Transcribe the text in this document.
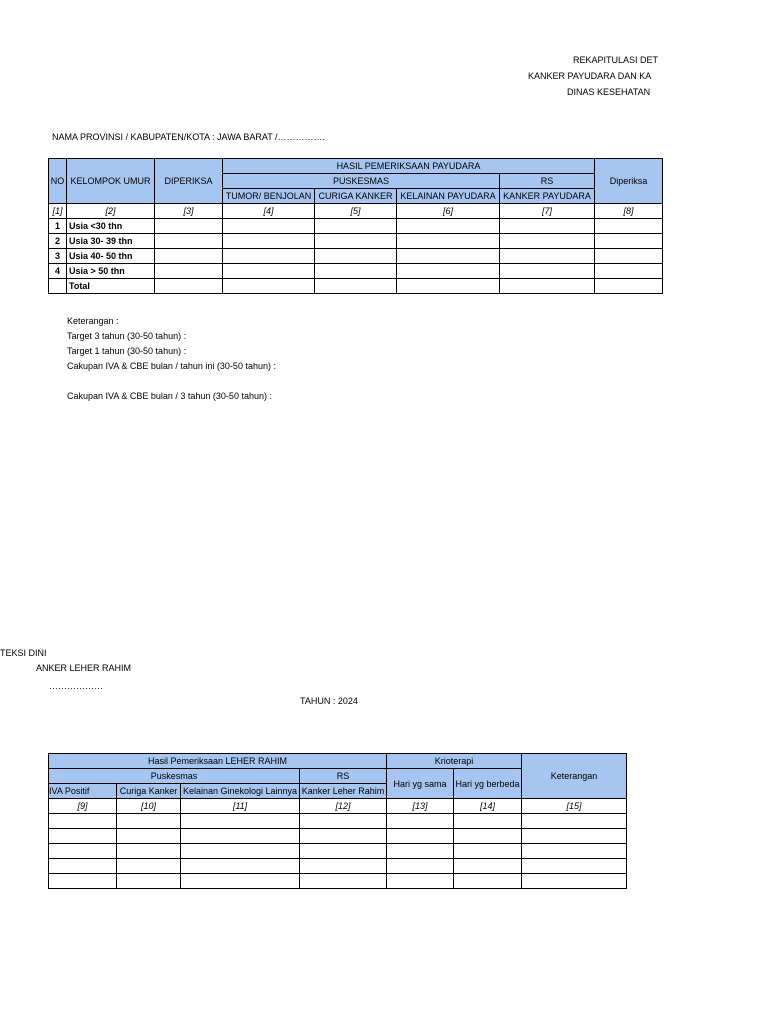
REKAPITULASI DET
KANKER PAYUDARA DAN KA
DINAS KESEHATAN
NAMA PROVINSI / KABUPATEN/KOTA : JAWA BARAT /…………….
NO	KELOMPOK UMUR	DIPERIKSA	HASIL PEMERIKSAAN PAYUDARA				Diperiksa
			PUSKESMAS			RS	

			TUMOR/ BENJOLAN	CURIGA KANKER	KELAINAN PAYUDARA	KANKER PAYUDARA	

[1]	[2]	[3]	[4]	[5]	[6]	[7]	[8]
1	Usia <30 thn						
2	Usia 30- 39 thn						
3	Usia 40- 50 thn						
4	Usia > 50 thn						
	Total						
Keterangan :
Target 3 tahun (30-50 tahun) :
Target 1 tahun (30-50 tahun) :
Cakupan IVA & CBE bulan / tahun ini (30-50 tahun) :
Cakupan IVA & CBE bulan / 3 tahun (30-50 tahun) :
TEKSI DINI
ANKER LEHER RAHIM
………………
TAHUN : 2024
Hasil Pemeriksaan LEHER RAHIM				Krioterapi		Keterangan
Puskesmas			RS	Hari yg sama	Hari yg berbeda	

IVA Positif	Curiga Kanker	Kelainan Ginekologi Lainnya	Kanker Leher Rahim			

[9]	[10]	[11]	[12]	[13]	[14]	[15]
